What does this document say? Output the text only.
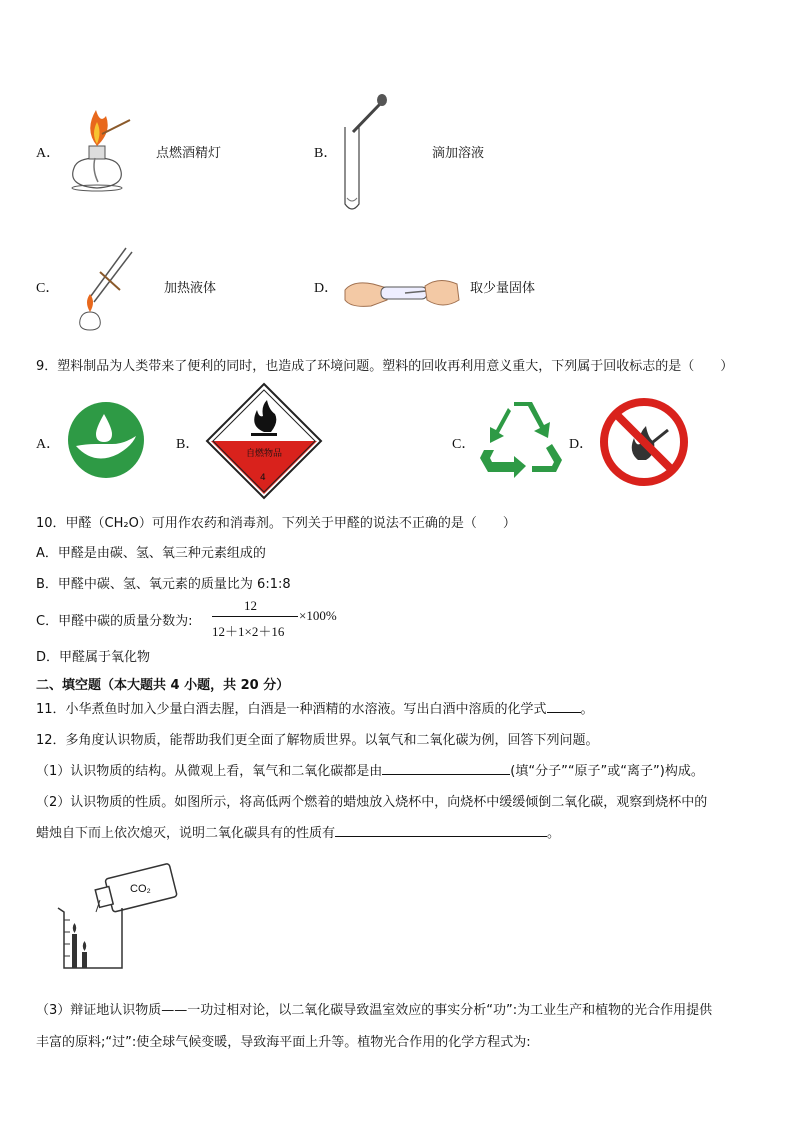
A．	点燃酒精灯	B．	滴加溶液
C．	加热液体	D．	取少量固体
9．塑料制品为人类带来了便利的同时，也造成了环境问题。塑料的回收再利用意义重大，下列属于回收标志的是（　　）
A．	B．
自燃物品
4
C．	D．
10．甲醛（CH₂O）可用作农药和消毒剂。下列关于甲醛的说法不正确的是（　　）
A．甲醛是由碳、氢、氧三种元素组成的
B．甲醛中碳、氢、氧元素的质量比为 6:1:8
C．甲醛中碳的质量分数为:
12
12＋1×2＋16
×100%
D．甲醛属于氧化物
二、填空题（本大题共 4 小题，共 20 分）
11．小华煮鱼时加入少量白酒去腥，白酒是一种酒精的水溶液。写出白酒中溶质的化学式	。
12．多角度认识物质，能帮助我们更全面了解物质世界。以氧气和二氧化碳为例，回答下列问题。
（1）认识物质的结构。从微观上看，氧气和二氧化碳都是由	(填“分子”“原子”或“离子”)构成。
（2）认识物质的性质。如图所示，将高低两个燃着的蜡烛放入烧杯中，向烧杯中缓缓倾倒二氧化碳，观察到烧杯中的
蜡烛自下而上依次熄灭，说明二氧化碳具有的性质有	。
CO₂
（3）辩证地认识物质——一功过相对论，以二氧化碳导致温室效应的事实分析“功”:为工业生产和植物的光合作用提供
丰富的原料;“过”:使全球气候变暖，导致海平面上升等。植物光合作用的化学方程式为:
